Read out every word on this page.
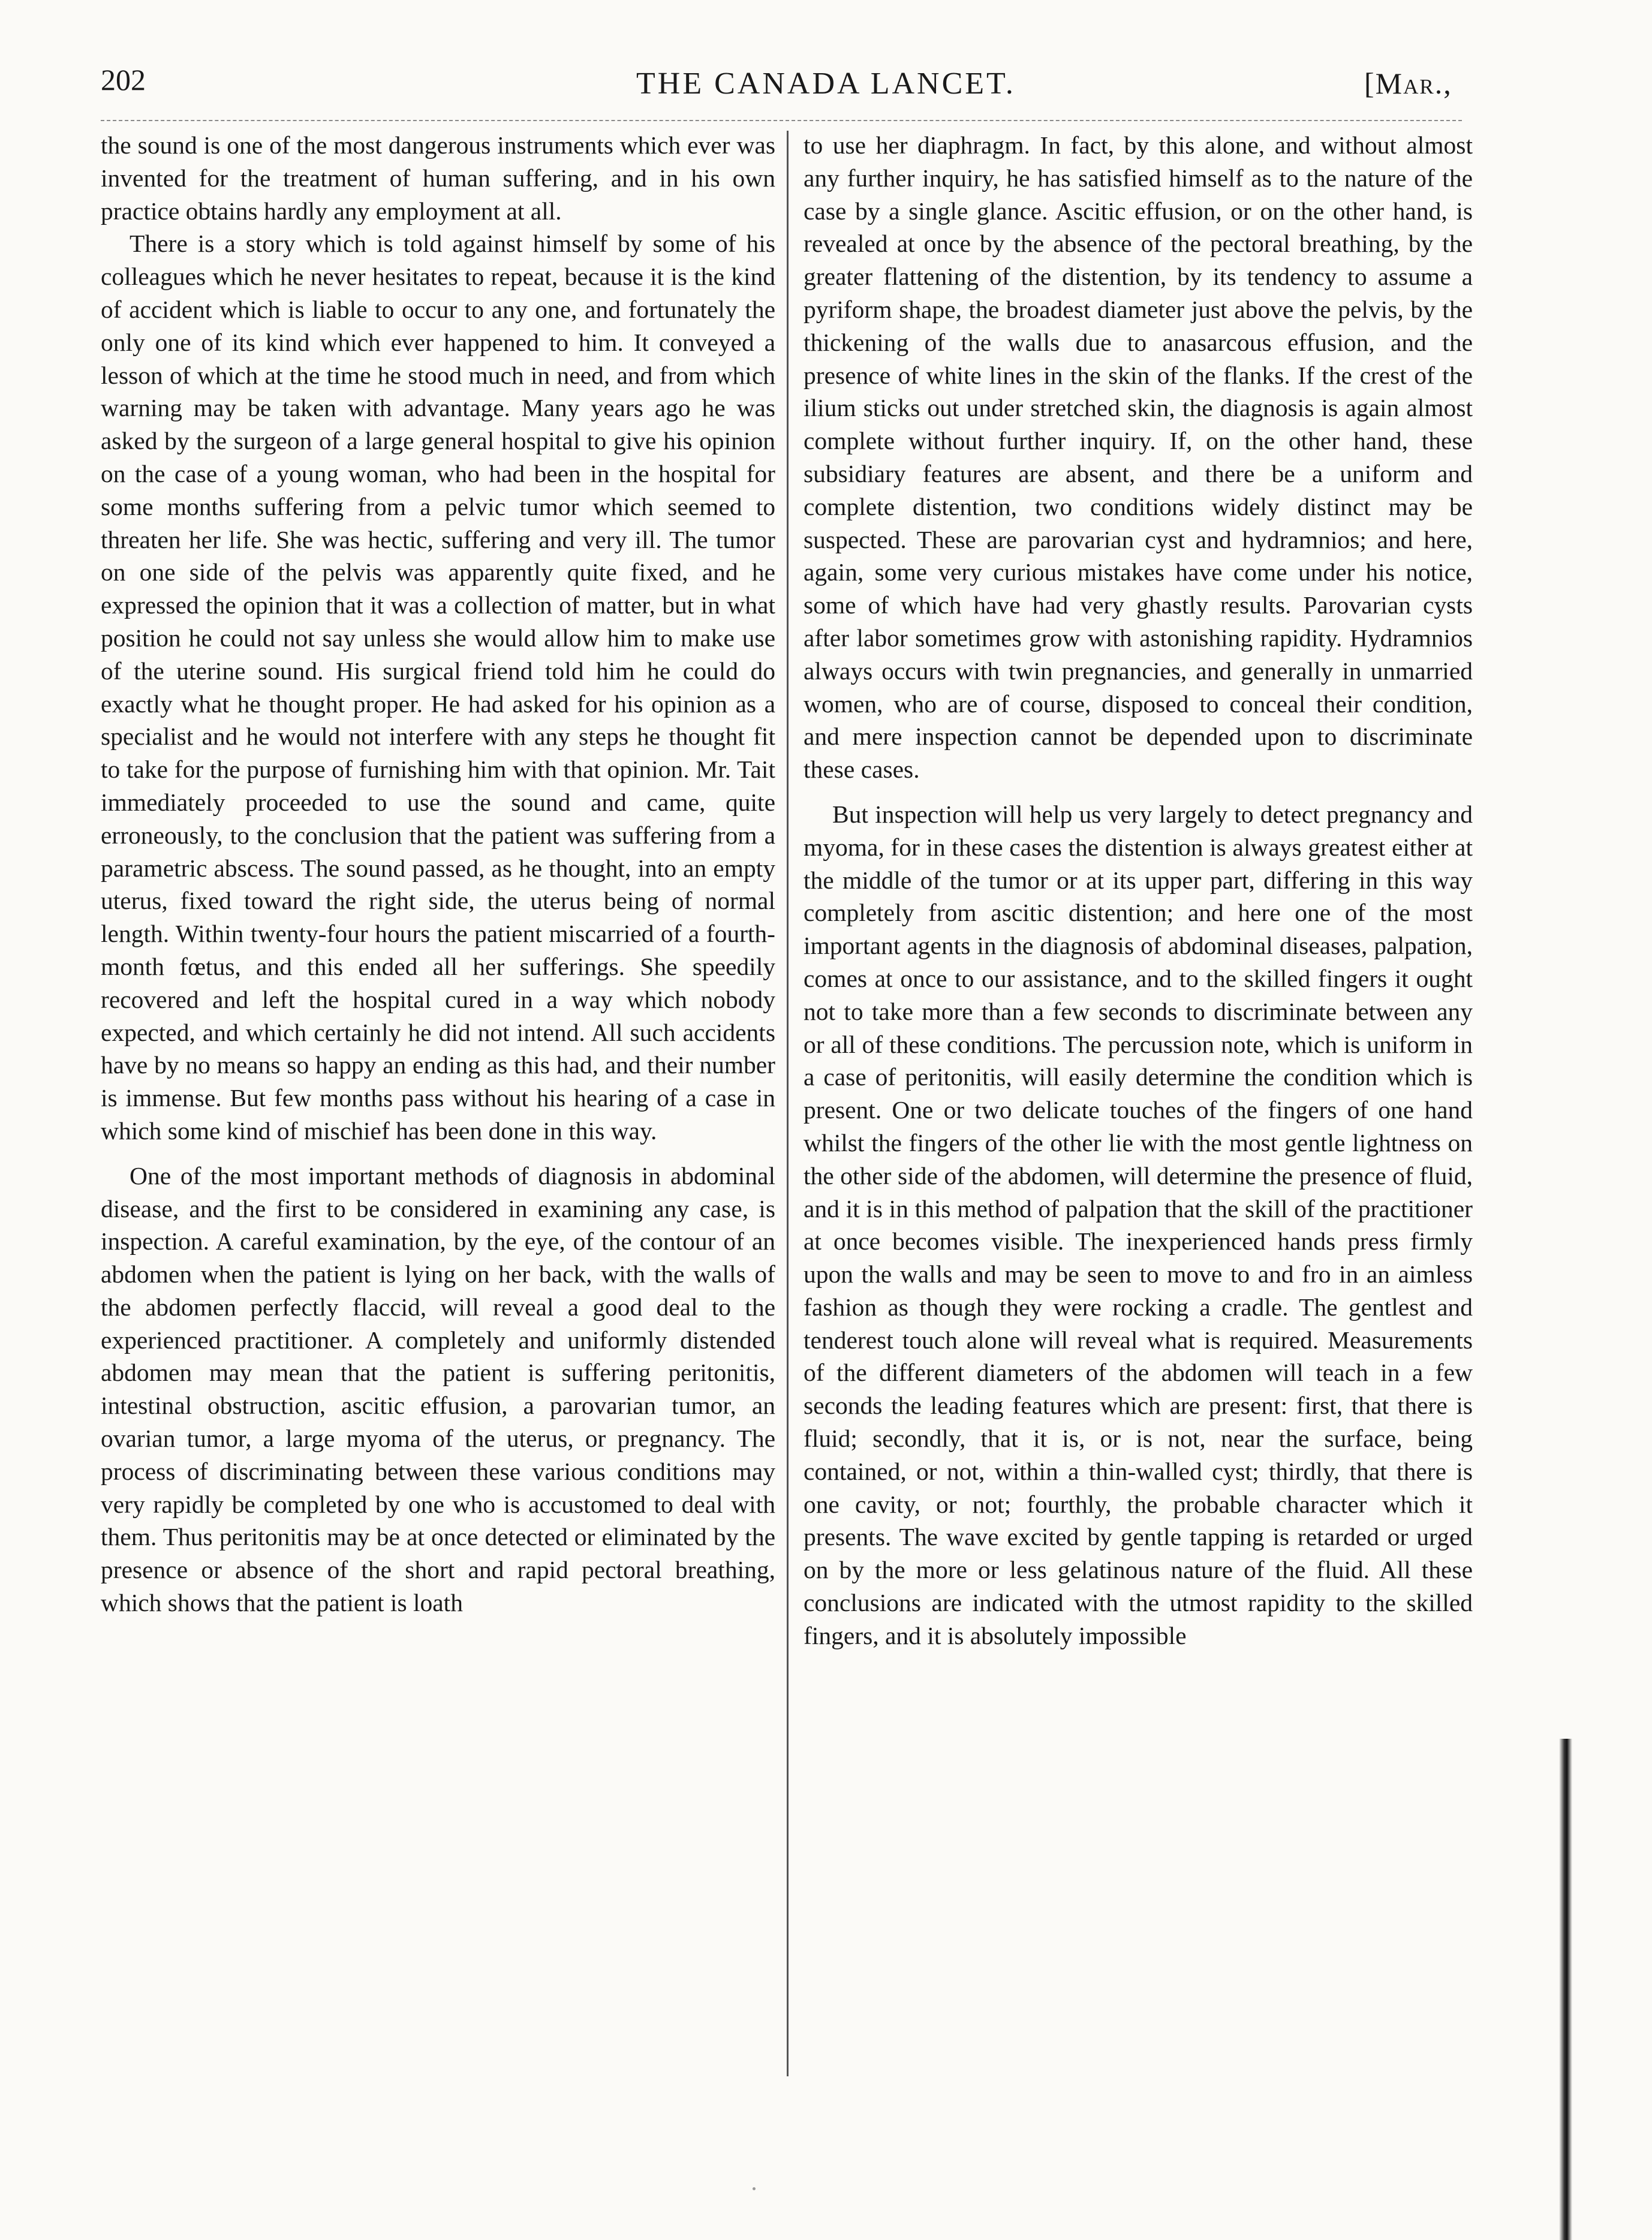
202	THE CANADA LANCET.	[Mar.,

the sound is one of the most dangerous instruments which ever was invented for the treatment of human suffering, and in his own practice obtains hardly any employment at all.

There is a story which is told against himself by some of his colleagues which he never hesitates to repeat, because it is the kind of accident which is liable to occur to any one, and fortunately the only one of its kind which ever happened to him. It conveyed a lesson of which at the time he stood much in need, and from which warning may be taken with advantage. Many years ago he was asked by the surgeon of a large general hospital to give his opinion on the case of a young woman, who had been in the hospital for some months suffering from a pelvic tumor which seemed to threaten her life. She was hectic, suffering and very ill. The tumor on one side of the pelvis was apparently quite fixed, and he expressed the opinion that it was a collection of matter, but in what position he could not say unless she would allow him to make use of the uterine sound. His surgical friend told him he could do exactly what he thought proper. He had asked for his opinion as a specialist and he would not interfere with any steps he thought fit to take for the purpose of furnishing him with that opinion. Mr. Tait immediately proceeded to use the sound and came, quite erroneously, to the conclusion that the patient was suffering from a parametric abscess. The sound passed, as he thought, into an empty uterus, fixed toward the right side, the uterus being of normal length. Within twenty-four hours the patient miscarried of a fourth-month fœtus, and this ended all her sufferings. She speedily recovered and left the hospital cured in a way which nobody expected, and which certainly he did not intend. All such accidents have by no means so happy an ending as this had, and their number is immense. But few months pass without his hearing of a case in which some kind of mischief has been done in this way.

One of the most important methods of diagnosis in abdominal disease, and the first to be considered in examining any case, is inspection. A careful examination, by the eye, of the contour of an abdomen when the patient is lying on her back, with the walls of the abdomen perfectly flaccid, will reveal a good deal to the experienced practitioner. A completely and uniformly distended abdomen may mean that the patient is suffering peritonitis, intestinal obstruction, ascitic effusion, a parovarian tumor, an ovarian tumor, a large myoma of the uterus, or pregnancy. The process of discriminating between these various conditions may very rapidly be completed by one who is accustomed to deal with them. Thus peritonitis may be at once detected or eliminated by the presence or absence of the short and rapid pectoral breathing, which shows that the patient is loath

to use her diaphragm. In fact, by this alone, and without almost any further inquiry, he has satisfied himself as to the nature of the case by a single glance. Ascitic effusion, or on the other hand, is revealed at once by the absence of the pectoral breathing, by the greater flattening of the distention, by its tendency to assume a pyriform shape, the broadest diameter just above the pelvis, by the thickening of the walls due to anasarcous effusion, and the presence of white lines in the skin of the flanks. If the crest of the ilium sticks out under stretched skin, the diagnosis is again almost complete without further inquiry. If, on the other hand, these subsidiary features are absent, and there be a uniform and complete distention, two conditions widely distinct may be suspected. These are parovarian cyst and hydramnios; and here, again, some very curious mistakes have come under his notice, some of which have had very ghastly results. Parovarian cysts after labor sometimes grow with astonishing rapidity. Hydramnios always occurs with twin pregnancies, and generally in unmarried women, who are of course, disposed to conceal their condition, and mere inspection cannot be depended upon to discriminate these cases.

But inspection will help us very largely to detect pregnancy and myoma, for in these cases the distention is always greatest either at the middle of the tumor or at its upper part, differing in this way completely from ascitic distention; and here one of the most important agents in the diagnosis of abdominal diseases, palpation, comes at once to our assistance, and to the skilled fingers it ought not to take more than a few seconds to discriminate between any or all of these conditions. The percussion note, which is uniform in a case of peritonitis, will easily determine the condition which is present. One or two delicate touches of the fingers of one hand whilst the fingers of the other lie with the most gentle lightness on the other side of the abdomen, will determine the presence of fluid, and it is in this method of palpation that the skill of the practitioner at once becomes visible. The inexperienced hands press firmly upon the walls and may be seen to move to and fro in an aimless fashion as though they were rocking a cradle. The gentlest and tenderest touch alone will reveal what is required. Measurements of the different diameters of the abdomen will teach in a few seconds the leading features which are present: first, that there is fluid; secondly, that it is, or is not, near the surface, being contained, or not, within a thin-walled cyst; thirdly, that there is one cavity, or not; fourthly, the probable character which it presents. The wave excited by gentle tapping is retarded or urged on by the more or less gelatinous nature of the fluid. All these conclusions are indicated with the utmost rapidity to the skilled fingers, and it is absolutely impossible
